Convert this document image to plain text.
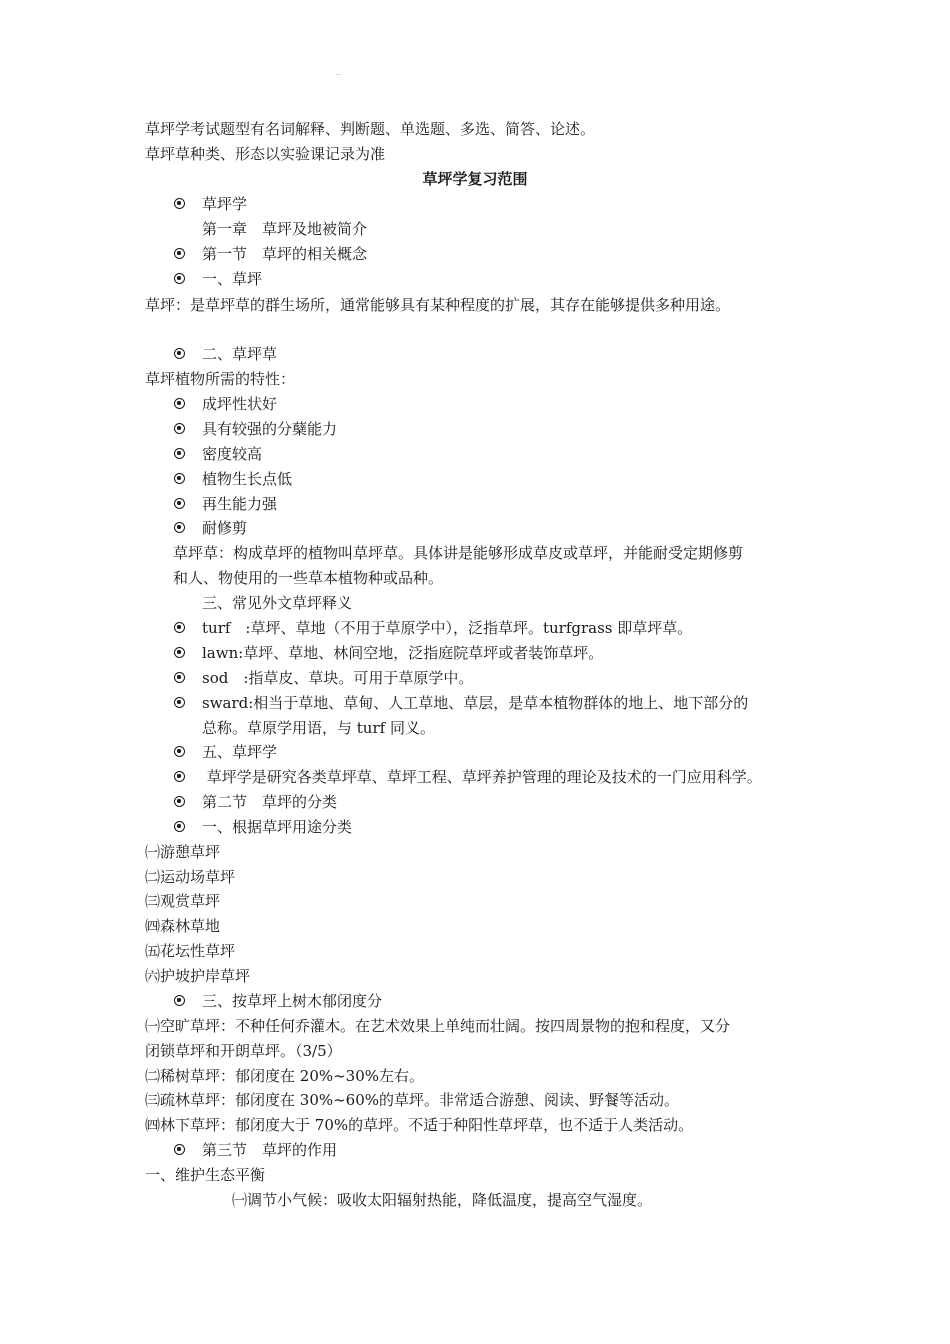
..
草坪学考试题型有名词解释、判断题、单选题、多选、简答、论述。
草坪草种类、形态以实验课记录为准
草坪学复习范围
草坪学
第一章　草坪及地被简介
第一节　草坪的相关概念
一、草坪
草坪：是草坪草的群生场所，通常能够具有某种程度的扩展，其存在能够提供多种用途。
二、草坪草
草坪植物所需的特性：
成坪性状好
具有较强的分蘖能力
密度较高
植物生长点低
再生能力强
耐修剪
草坪草：构成草坪的植物叫草坪草。具体讲是能够形成草皮或草坪，并能耐受定期修剪
和人、物使用的一些草本植物种或品种。
三、常见外文草坪释义
turf　:草坪、草地（不用于草原学中），泛指草坪。turfgrass 即草坪草。
lawn:草坪、草地、林间空地，泛指庭院草坪或者装饰草坪。
sod　:指草皮、草块。可用于草原学中。
sward:相当于草地、草甸、人工草地、草层，是草本植物群体的地上、地下部分的
总称。草原学用语，与 turf 同义。
五、草坪学
草坪学是研究各类草坪草、草坪工程、草坪养护管理的理论及技术的一门应用科学。
第二节　草坪的分类
一、根据草坪用途分类
㈠游憩草坪
㈡运动场草坪
㈢观赏草坪
㈣森林草地
㈤花坛性草坪
㈥护坡护岸草坪
三、按草坪上树木郁闭度分
㈠空旷草坪：不种任何乔灌木。在艺术效果上单纯而壮阔。按四周景物的抱和程度，又分
闭锁草坪和开朗草坪。（3/5）
㈡稀树草坪：郁闭度在 20%~30%左右。
㈢疏林草坪：郁闭度在 30%~60%的草坪。非常适合游憩、阅读、野餐等活动。
㈣林下草坪：郁闭度大于 70%的草坪。不适于种阳性草坪草，也不适于人类活动。
第三节　草坪的作用
一、维护生态平衡
㈠调节小气候：吸收太阳辐射热能，降低温度，提高空气湿度。
